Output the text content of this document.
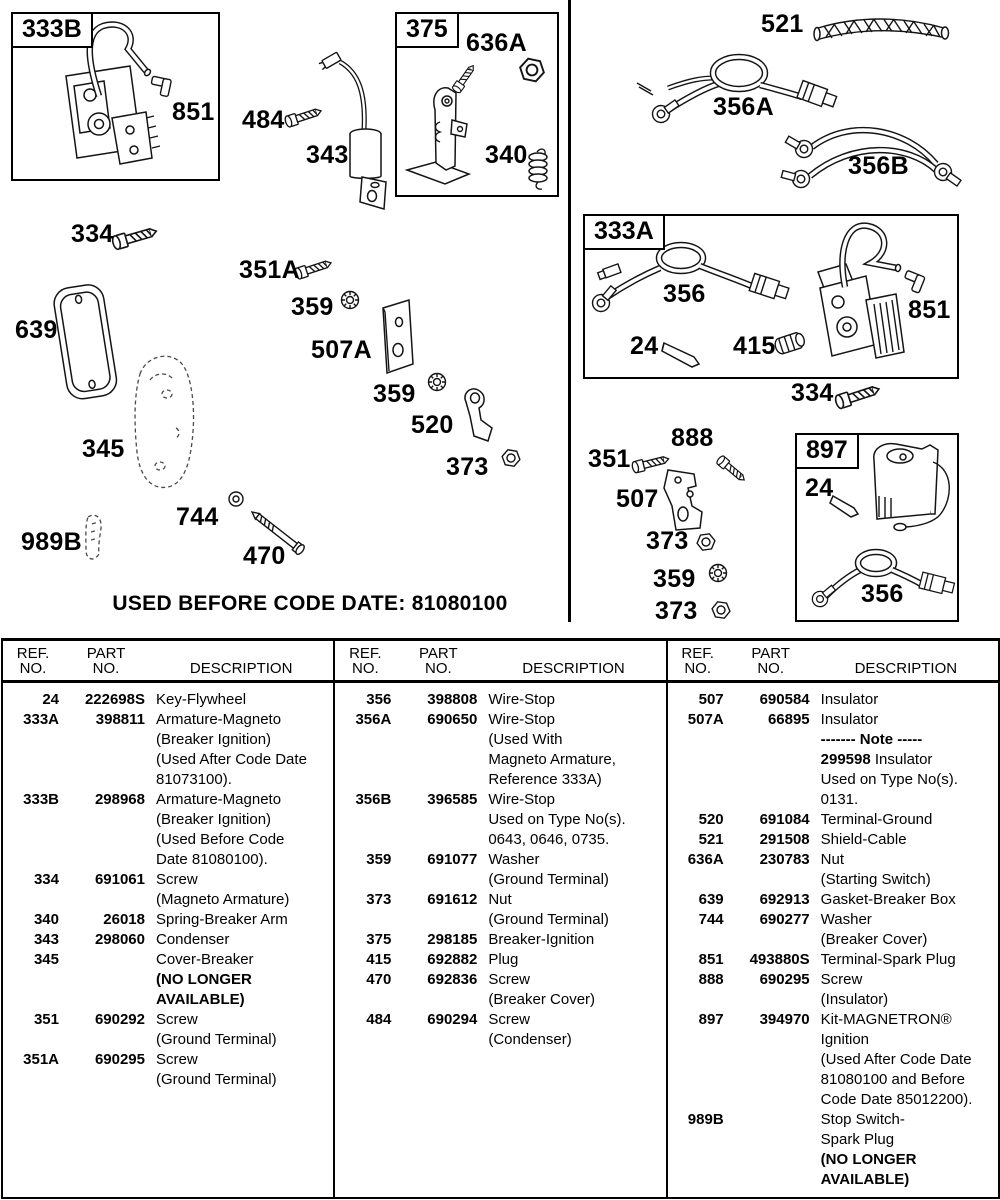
333B	375
333A
897
851 484
343
636A
340
334
351A
359
507A
359
520
373
639
345
744
470
989B
521
356A
356B
356
24	415
851
334
888
351
507
373
359
373
24
356
USED BEFORE CODE DATE: 81080100
REF.
NO.
PART
NO.	DESCRIPTION
24	222698S Key-Flywheel
333A	398811 Armature-Magneto
(Breaker Ignition)
(Used After Code Date
81073100).
333B	298968 Armature-Magneto
(Breaker Ignition)
(Used Before Code
Date 81080100).
334	691061 Screw
(Magneto Armature)
340	26018 Spring-Breaker Arm
343	298060 Condenser
345	Cover-Breaker
(NO LONGER
AVAILABLE)
351	690292 Screw
(Ground Terminal)
351A	690295 Screw
(Ground Terminal)
REF.
NO.
PART
NO.	DESCRIPTION
356	398808 Wire-Stop
356A	690650 Wire-Stop
(Used With
Magneto Armature,
Reference 333A)
356B	396585 Wire-Stop
Used on Type No(s).
0643, 0646, 0735.
359	691077 Washer
(Ground Terminal)
373	691612 Nut
(Ground Terminal)
375	298185 Breaker-Ignition
415	692882 Plug
470	692836 Screw
(Breaker Cover)
484	690294 Screw
(Condenser)
REF.
NO.
PART
NO.	DESCRIPTION
507	690584 Insulator
507A	66895 Insulator
------- Note -----
299598 Insulator
Used on Type No(s).
0131.
520	691084 Terminal-Ground
521	291508 Shield-Cable
636A	230783 Nut
(Starting Switch)
639	692913 Gasket-Breaker Box
744	690277 Washer
(Breaker Cover)
851	493880S Terminal-Spark Plug
888	690295 Screw
(Insulator)
897	394970 Kit-MAGNETRON®
Ignition
(Used After Code Date
81080100 and Before
Code Date 85012200).
989B	Stop Switch-
Spark Plug
(NO LONGER
AVAILABLE)
